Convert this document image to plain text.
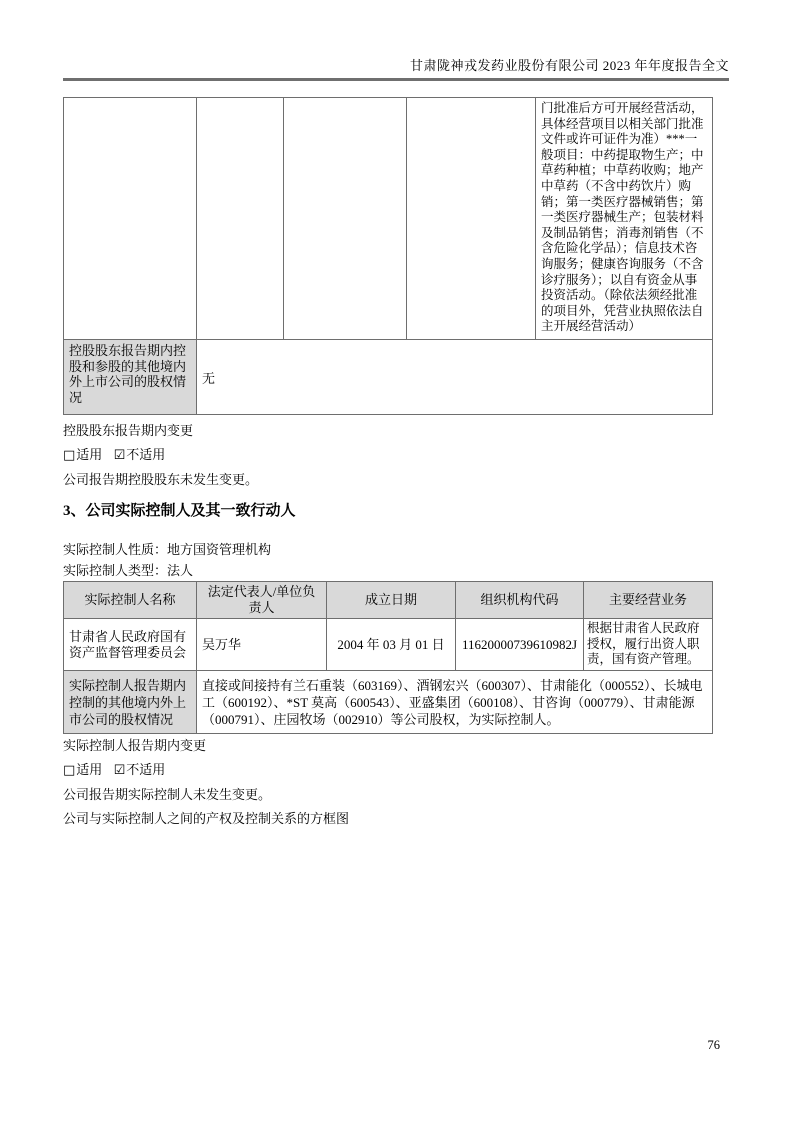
甘肃陇神戎发药业股份有限公司 2023 年年度报告全文
				门批准后方可开展经营活动，具体经营项目以相关部门批准文件或许可证件为准）***一般项目：中药提取物生产；中草药种植；中草药收购；地产中草药（不含中药饮片）购销；第一类医疗器械销售；第一类医疗器械生产；包装材料及制品销售；消毒剂销售（不含危险化学品）；信息技术咨询服务；健康咨询服务（不含诊疗服务）；以自有资金从事投资活动。（除依法须经批准的项目外，凭营业执照依法自主开展经营活动）
控股股东报告期内控股和参股的其他境内外上市公司的股权情况	无			
控股股东报告期内变更
□适用 ☑不适用
公司报告期控股股东未发生变更。
3、公司实际控制人及其一致行动人
实际控制人性质：地方国资管理机构
实际控制人类型：法人
实际控制人名称	法定代表人/单位负责人	成立日期	组织机构代码	主要经营业务
甘肃省人民政府国有资产监督管理委员会	吴万华	2004 年 03 月 01 日	11620000739610982J	根据甘肃省人民政府授权，履行出资人职责，国有资产管理。
实际控制人报告期内控制的其他境内外上市公司的股权情况	直接或间接持有兰石重装（603169）、酒钢宏兴（600307）、甘肃能化（000552）、长城电工（600192）、*ST 莫高（600543）、亚盛集团（600108）、甘咨询（000779）、甘肃能源（000791）、庄园牧场（002910）等公司股权，为实际控制人。			
实际控制人报告期内变更
□适用 ☑不适用
公司报告期实际控制人未发生变更。
公司与实际控制人之间的产权及控制关系的方框图
76
